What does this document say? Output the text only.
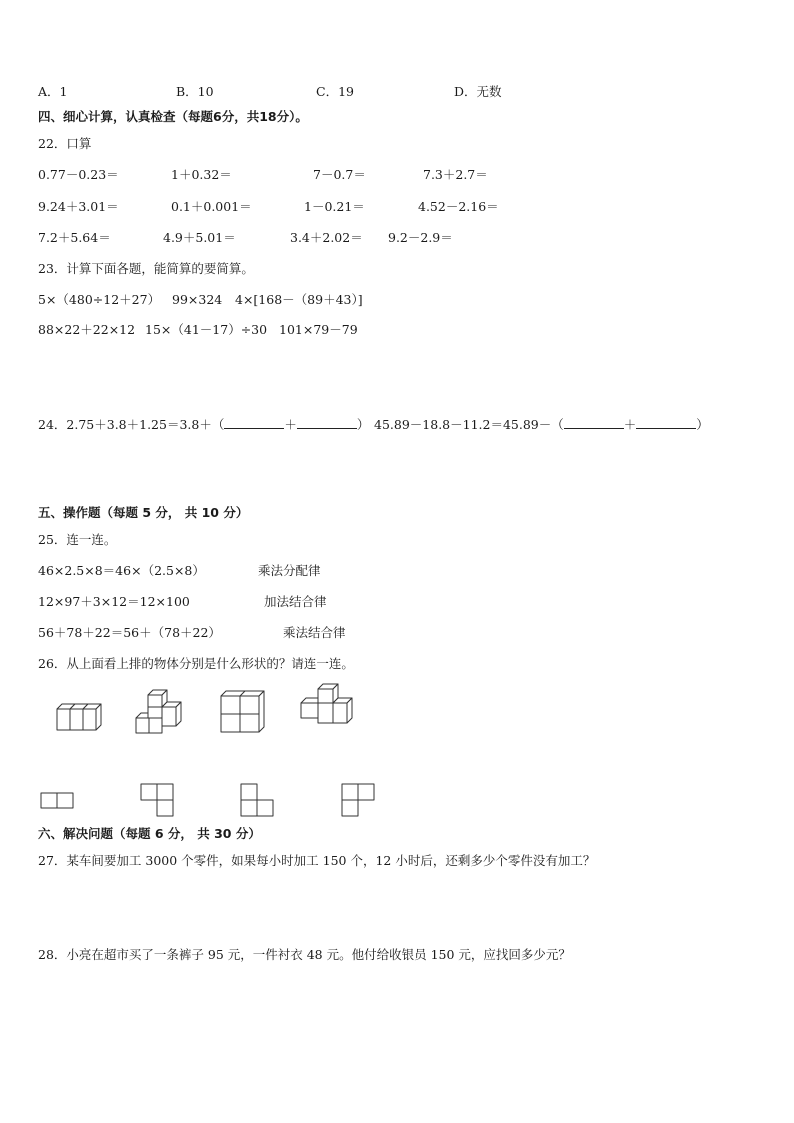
A．1	B．10	C．19	D．无数
四、细心计算，认真检查（每题6分，共18分）。
22．口算
0.77－0.23＝	1＋0.32＝	7－0.7＝	7.3＋2.7＝
9.24＋3.01＝	0.1＋0.001＝	1－0.21＝	4.52－2.16＝
7.2＋5.64＝	4.9＋5.01＝	3.4＋2.02＝ 9.2－2.9＝
23．计算下面各题，能简算的要简算。
5×（480÷12＋27） 99×324 4×[168－（89＋43）]
88×22＋22×12 15×（41－17）÷30 101×79－79
24．2.75＋3.8＋1.25＝3.8＋（	＋	） 45.89－18.8－11.2＝45.89－（	＋	）
五、操作题（每题 5 分， 共 10 分）
25．连一连。
46×2.5×8＝46×（2.5×8）	乘法分配律
12×97＋3×12＝12×100	加法结合律
56＋78＋22＝56＋（78＋22）	乘法结合律
26．从上面看上排的物体分别是什么形状的？请连一连。
六、解决问题（每题 6 分， 共 30 分）
27．某车间要加工 3000 个零件，如果每小时加工 150 个，12 小时后，还剩多少个零件没有加工？
28．小亮在超市买了一条裤子 95 元，一件衬衣 48 元。他付给收银员 150 元，应找回多少元？
